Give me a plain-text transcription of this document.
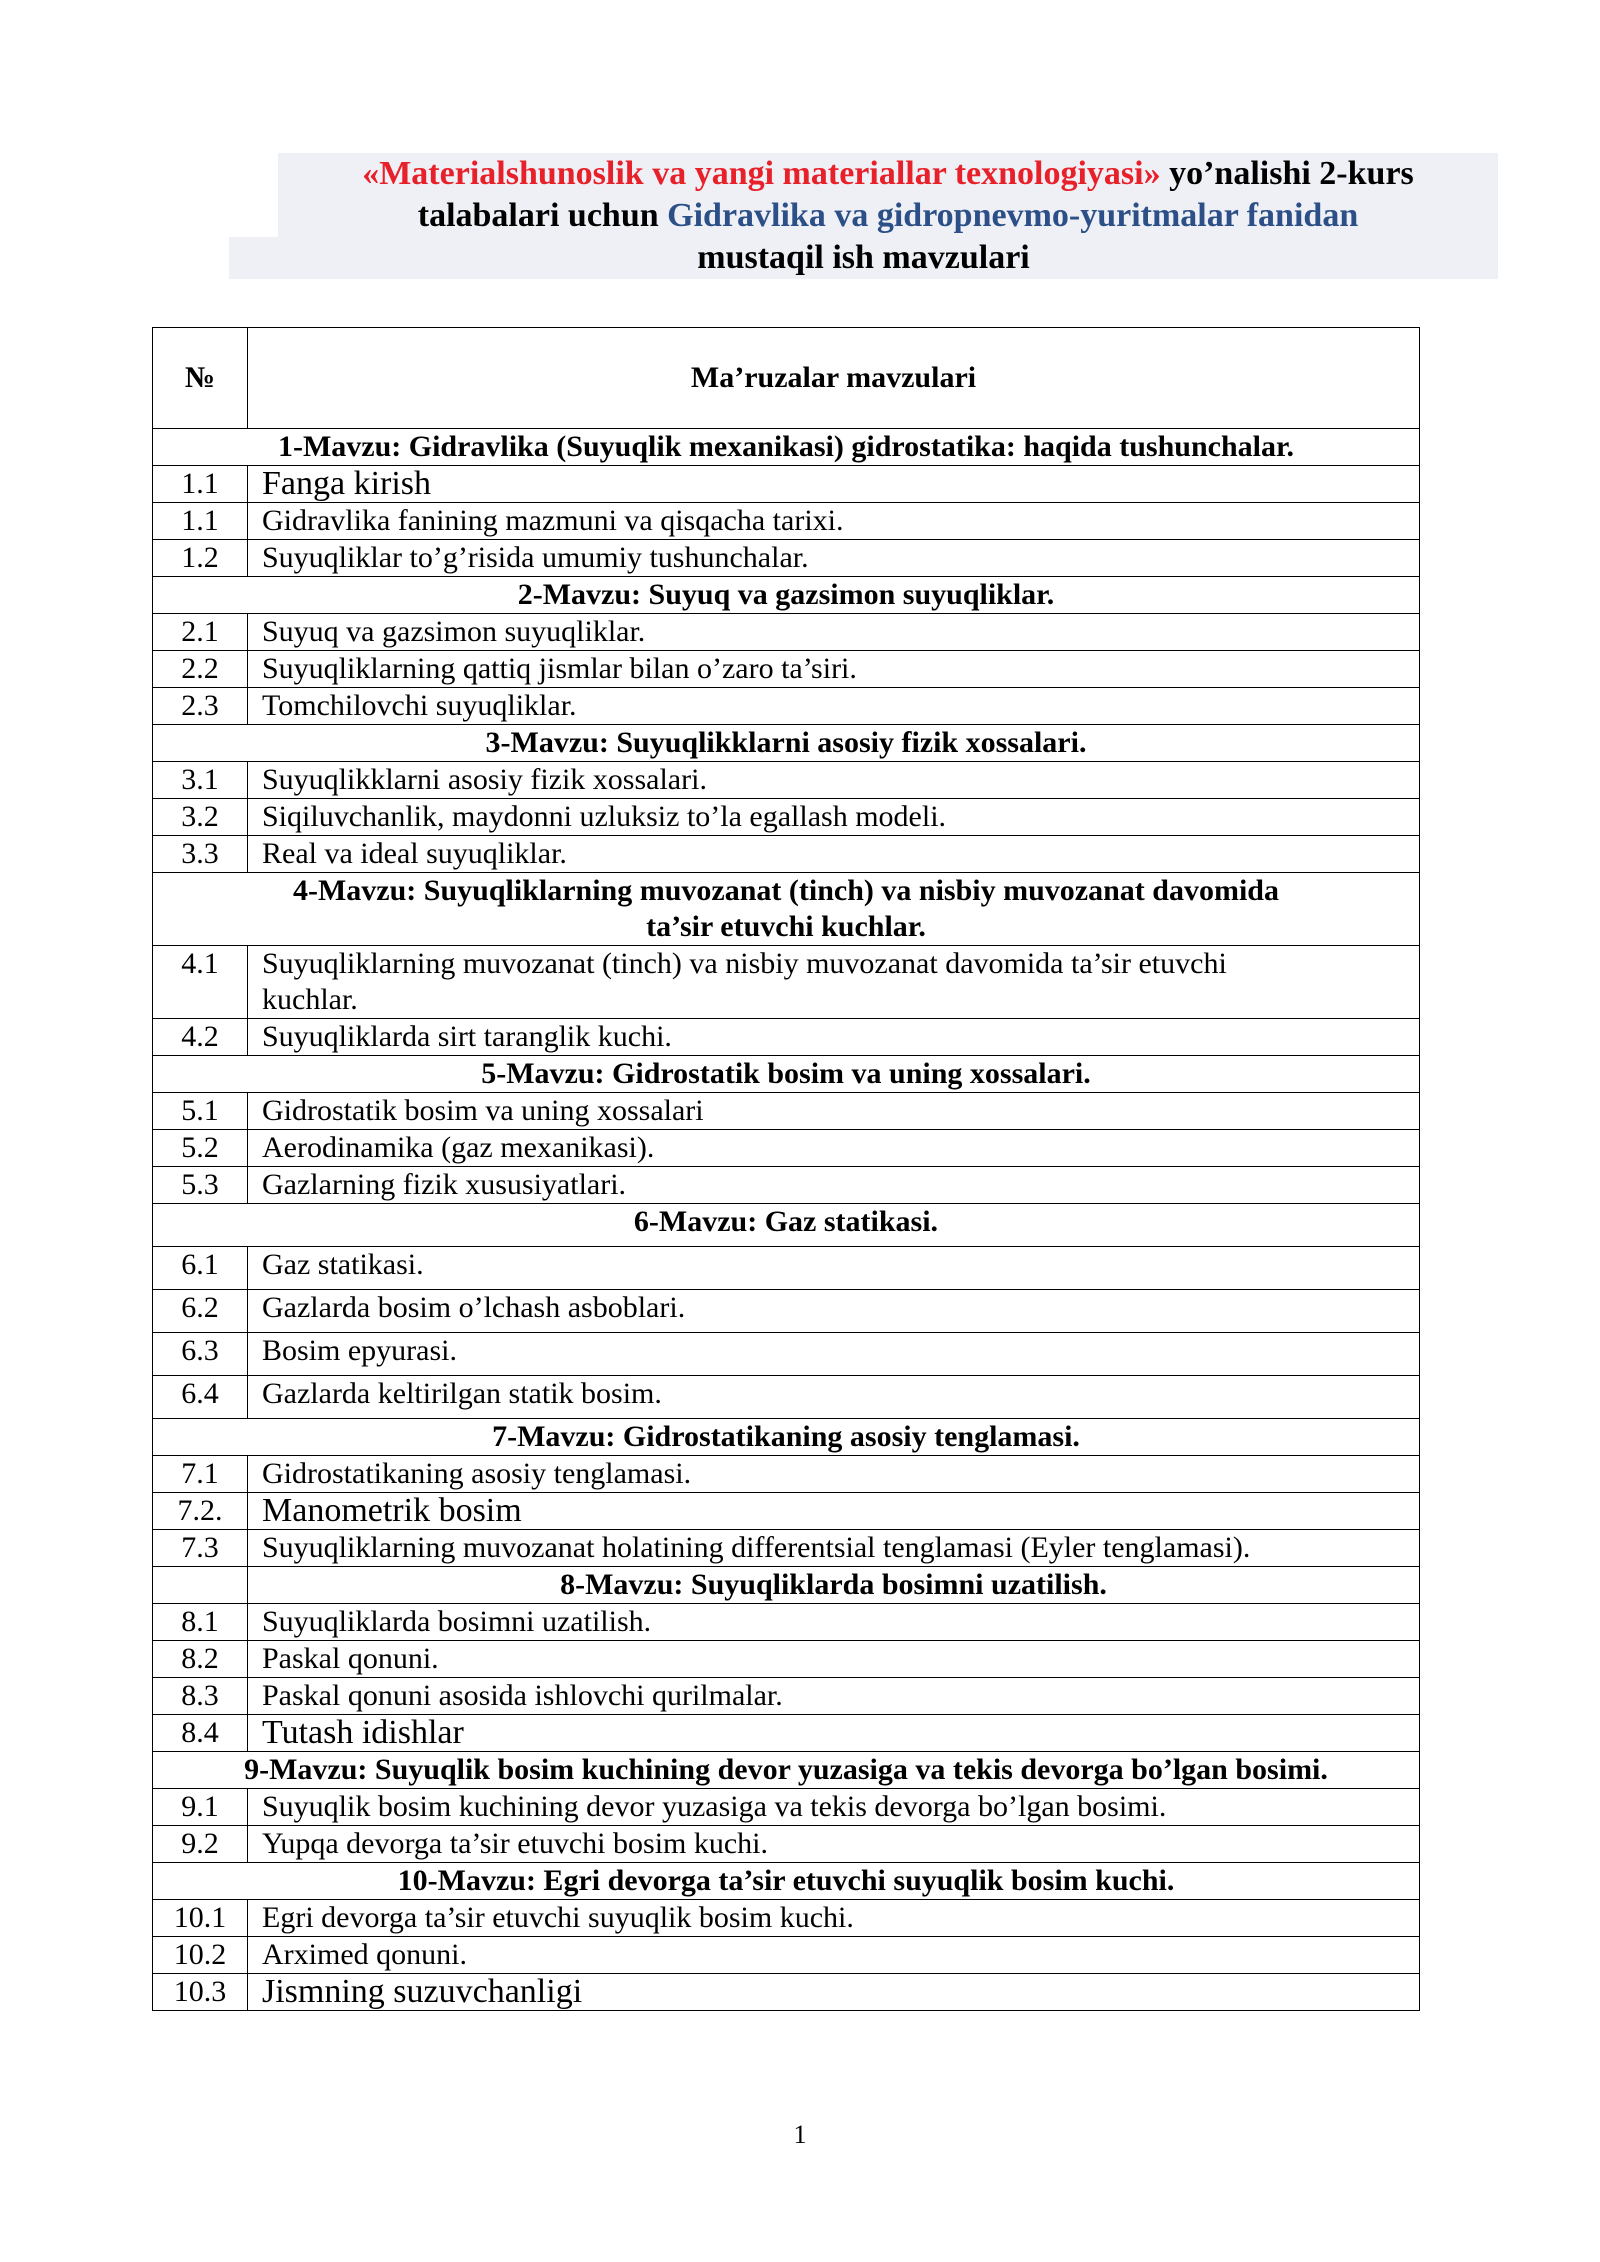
«Materialshunoslik va yangi materiallar texnologiyasi» yo’nalishi 2-kurs
talabalari uchun Gidravlika va gidropnevmo-yuritmalar fanidan
mustaqil ish mavzulari
№	Ma’ruzalar mavzulari
1-Mavzu: Gidravlika (Suyuqlik mexanikasi) gidrostatika: haqida tushunchalar.	
1.1	Fanga kirish
1.1	Gidravlika fanining mazmuni va qisqacha tarixi.
1.2	Suyuqliklar to’g’risida umumiy tushunchalar.
2-Mavzu: Suyuq va gazsimon suyuqliklar.	
2.1	Suyuq va gazsimon suyuqliklar.
2.2	Suyuqliklarning qattiq jismlar bilan o’zaro ta’siri.
2.3	Tomchilovchi suyuqliklar.
3-Mavzu: Suyuqlikklarni asosiy fizik xossalari.	
3.1	Suyuqlikklarni asosiy fizik xossalari.
3.2	Siqiluvchanlik, maydonni uzluksiz to’la egallash modeli.
3.3	Real va ideal suyuqliklar.
4-Mavzu: Suyuqliklarning muvozanat (tinch) va nisbiy muvozanat davomida
ta’sir etuvchi kuchlar.	
4.1	Suyuqliklarning muvozanat (tinch) va nisbiy muvozanat davomida ta’sir etuvchi
kuchlar.
4.2	Suyuqliklarda sirt taranglik kuchi.
5-Mavzu: Gidrostatik bosim va uning xossalari.	
5.1	Gidrostatik bosim va uning xossalari
5.2	Aerodinamika (gaz mexanikasi).
5.3	Gazlarning fizik xususiyatlari.
6-Mavzu: Gaz statikasi.	
6.1	Gaz statikasi.
6.2	Gazlarda bosim o’lchash asboblari.
6.3	Bosim epyurasi.
6.4	Gazlarda keltirilgan statik bosim.
7-Mavzu: Gidrostatikaning asosiy tenglamasi.	
7.1	Gidrostatikaning asosiy tenglamasi.
7.2.	Manometrik bosim
7.3	Suyuqliklarning muvozanat holatining differentsial tenglamasi (Eyler tenglamasi).
	8-Mavzu: Suyuqliklarda bosimni uzatilish.
8.1	Suyuqliklarda bosimni uzatilish.
8.2	Paskal qonuni.
8.3	Paskal qonuni asosida ishlovchi qurilmalar.
8.4	Tutash idishlar
9-Mavzu: Suyuqlik bosim kuchining devor yuzasiga va tekis devorga bo’lgan bosimi.	
9.1	Suyuqlik bosim kuchining devor yuzasiga va tekis devorga bo’lgan bosimi.
9.2	Yupqa devorga ta’sir etuvchi bosim kuchi.
10-Mavzu: Egri devorga ta’sir etuvchi suyuqlik bosim kuchi.	
10.1	Egri devorga ta’sir etuvchi suyuqlik bosim kuchi.
10.2	Arximed qonuni.
10.3	Jismning suzuvchanligi
1
